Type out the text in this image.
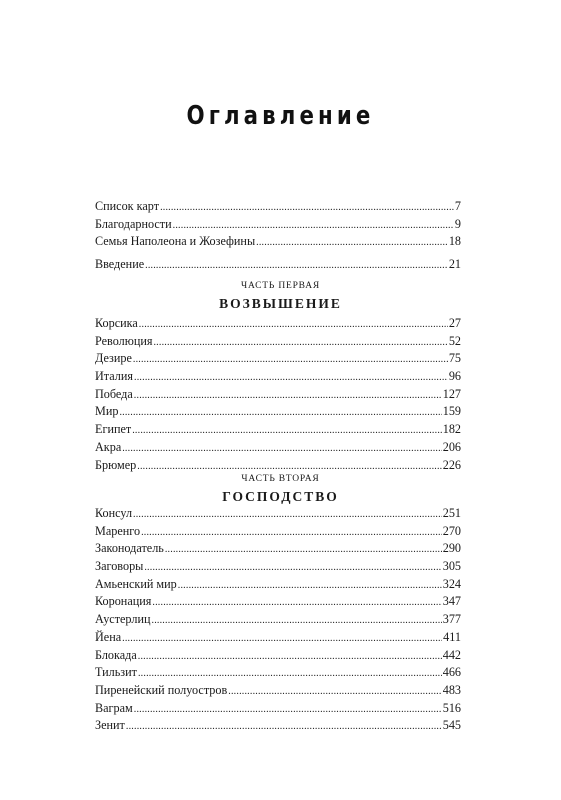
Оглавление
Список карт .....	7
Благодарности .....	9
Семья Наполеона и Жозефины .....	18
Введение .....	21
ЧАСТЬ ПЕРВАЯ
ВОЗВЫШЕНИЕ
Корсика .....	27
Революция .....	52
Дезире .....	75
Италия .....	96
Победа .....	127
Мир .....	159
Египет .....	182
Акра .....	206
Брюмер .....	226
ЧАСТЬ ВТОРАЯ
ГОСПОДСТВО
Консул .....	251
Маренго .....	270
Законодатель .....	290
Заговоры .....	305
Амьенский мир .....	324
Коронация .....	347
Аустерлиц .....	377
Йена .....	411
Блокада .....	442
Тильзит .....	466
Пиренейский полуостров .....	483
Ваграм .....	516
Зенит .....	545
